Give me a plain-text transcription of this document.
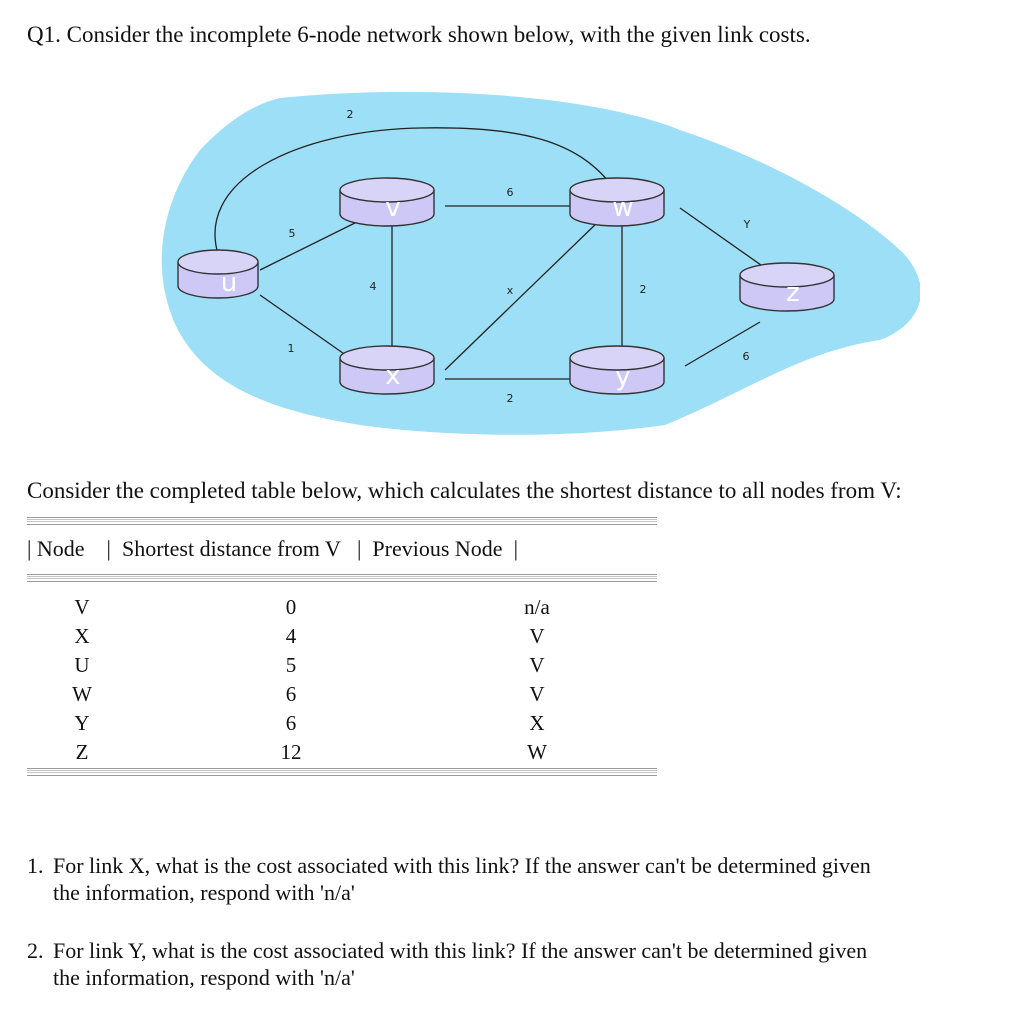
Q1. Consider the incomplete 6-node network shown below, with the given link costs.
2
5
1
6
4	x	2
Y
2
6
u
v	w
x	y
z
Consider the completed table below, which calculates the shortest distance to all nodes from V:
| Node    |  Shortest distance from V   |  Previous Node  |
V	0	n/a
X	4	V
U	5	V
W	6	V
Y	6	X
Z	12	W
1. For link X, what is the cost associated with this link? If the answer can't be determined given
the information, respond with 'n/a'
2. For link Y, what is the cost associated with this link? If the answer can't be determined given
the information, respond with 'n/a'
